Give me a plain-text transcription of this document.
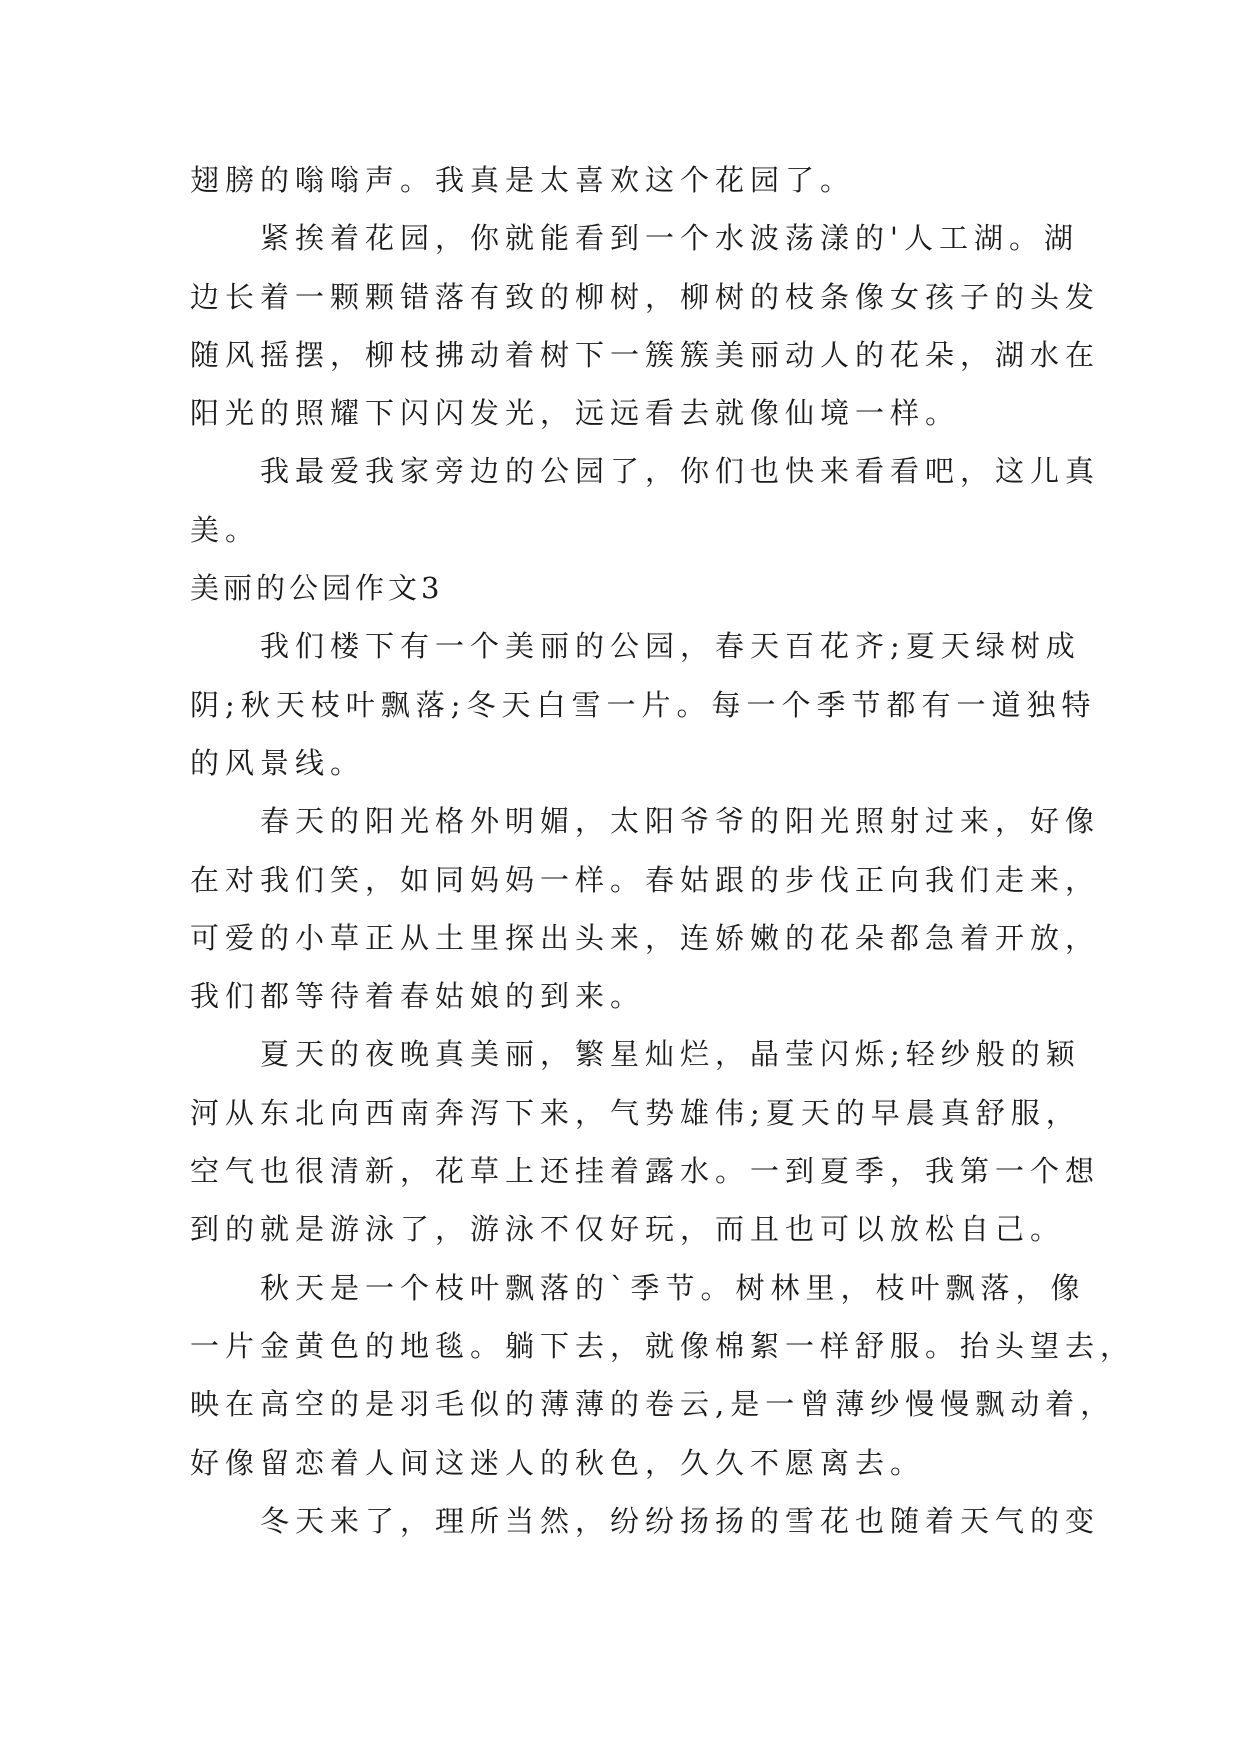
翅膀的嗡嗡声。我真是太喜欢这个花园了。
紧挨着花园，你就能看到一个水波荡漾的'人工湖。湖
边长着一颗颗错落有致的柳树，柳树的枝条像女孩子的头发
随风摇摆，柳枝拂动着树下一簇簇美丽动人的花朵，湖水在
阳光的照耀下闪闪发光，远远看去就像仙境一样。
我最爱我家旁边的公园了，你们也快来看看吧，这儿真
美。
美丽的公园作文3
我们楼下有一个美丽的公园，春天百花齐;夏天绿树成
阴;秋天枝叶飘落;冬天白雪一片。每一个季节都有一道独特
的风景线。
春天的阳光格外明媚，太阳爷爷的阳光照射过来，好像
在对我们笑，如同妈妈一样。春姑跟的步伐正向我们走来，
可爱的小草正从土里探出头来，连娇嫩的花朵都急着开放，
我们都等待着春姑娘的到来。
夏天的夜晚真美丽，繁星灿烂，晶莹闪烁;轻纱般的颖
河从东北向西南奔泻下来，气势雄伟;夏天的早晨真舒服，
空气也很清新，花草上还挂着露水。一到夏季，我第一个想
到的就是游泳了，游泳不仅好玩，而且也可以放松自己。
秋天是一个枝叶飘落的`季节。树林里，枝叶飘落，像
一片金黄色的地毯。躺下去，就像棉絮一样舒服。抬头望去，
映在高空的是羽毛似的薄薄的卷云,是一曾薄纱慢慢飘动着，
好像留恋着人间这迷人的秋色，久久不愿离去。
冬天来了，理所当然，纷纷扬扬的雪花也随着天气的变
